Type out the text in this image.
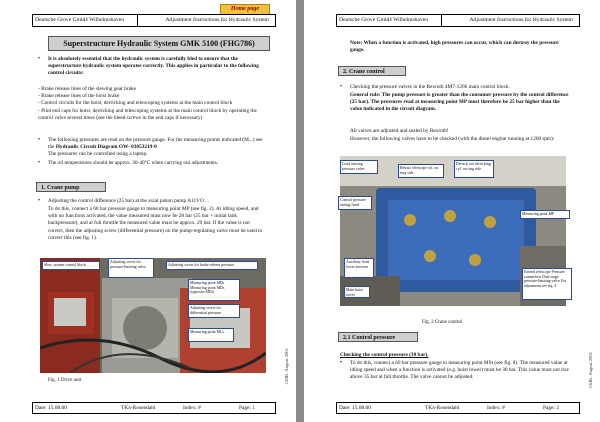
Home page
Deutsche Grove GmbH Wilhelmshaven	Adjustment Instructions for Hydraulic System
Superstructure Hydraulic System GMK 5100 (FHG786)
• It is absolutely essential that the hydraulic system is carefully bled to ensure that the superstructure hydraulic system operates correctly. This applies in particular to the following control circuits:
- Brake release lines of the slewing gear brake
- Brake release lines of the hoist brake
- Control circuits for the hoist, derricking and telescoping systems at the main control block
- Pilot end caps for hoist, derricking and telescoping systems at the main control block by operating the control valve several times (see the bleed screws in the end caps if necessary).
• The following pressures are read on the pressure gauge. For the measuring points indicated (M...) see the Hydraulic Circuit Diagram OW- 03053219-0
The pressures can be controlled using a laptop.
• The oil temperatures should be approx. 30-40°C when carrying out adjustments.
1. Crane pump
• Adjusting the control difference (25 bar) at the axial piston pump A11VO ...
To do this, connect a 60 bar pressure gauge to measuring point MP (see fig. 2). At idling speed, and with no functions activated, the value measured must now be 28 bar (25 bar + initial tank backpressure), and at full throttle the measured value must be approx. 29 bar. If the value is not correct, then the adjusting screw (differential pressure) on the pump-regulating valve must be used to correct this (see fig. 1).
Slew. system control block
Adjusting screw for pressure-limiting valve	Adjusting screw for brake release pressure
Measuring point MDr Measuring point MDs (opposite MDr)
Adjusting screw for differential pressure
Measuring point MLs
Fig. 1 Drive unit	GMK, August 2001
Date: 15.08.00	TK4-Rosendahl	Index: #	Page: 1
Deutsche Grove GmbH Wilhelmshaven	Adjustment Instructions for Hydraulic System
Note: When a function is activated, high pressures can occur, which can destroy the pressure gauge.
2. Crane control
• Checking the pressure valves in the Rexroth 4M7-1266 main control block.
General rule: The pump pressure is greater than the consumer pressure by the control difference (25 bar). The pressures read at measuring point MP must therefore be 25 bar higher than the value indicated in the circuit diagram.
All valves are adjusted and sealed by Rexroth!
However, the following valves have to be checked (with the diesel engine running at 1200 rpm):
Load sensing pressure valve	Retract telescope cyl. on ring side
Derrick out derricking cyl. on ring side
Control pressure setting fixed
Measuring point MP
Auxiliary hoist lower traverse
Main hoist lower
Extend telescope Pressure connection Dual stage pressure-limiting valve For adjustment see fig. 4
Fig. 2 Crane control
2.1 Control pressure
Checking the control pressure (30 bar).
• To do this, connect a 60 bar pressure gauge to measuring point MSt (see fig. 8). The measured value at idling speed and when a function is activated (e.g. hoist lower) must be 30 bar. This value must not rise above 35 bar at full throttle. The valve cannot be adjusted.	GMK, August 2001
Date: 15.08.00	TK4-Rosendahl	Index: #	Page: 2
